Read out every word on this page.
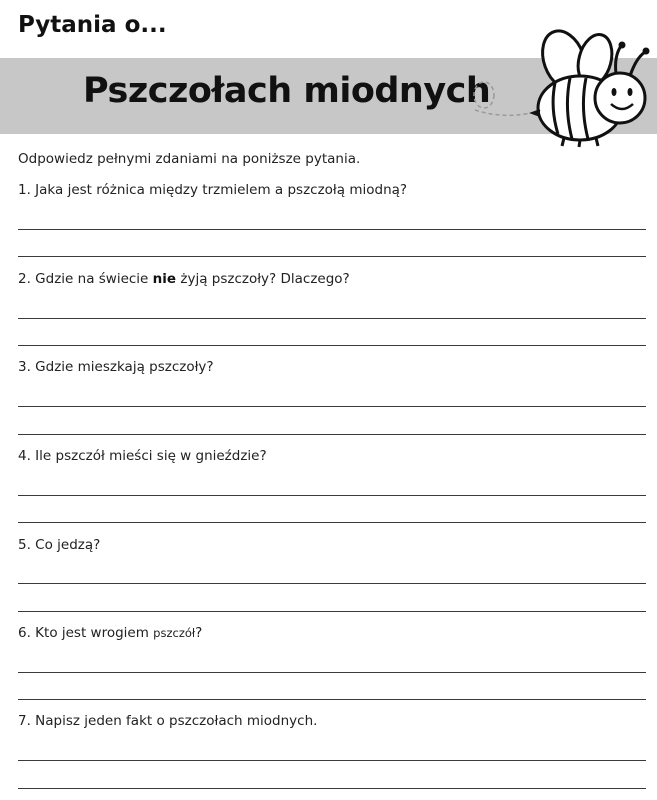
Pytania o...
Pszczołach miodnych
Odpowiedz pełnymi zdaniami na poniższe pytania.
1. Jaka jest różnica między trzmielem a pszczołą miodną?
2. Gdzie na świecie nie żyją pszczoły? Dlaczego?
3. Gdzie mieszkają pszczoły?
4. Ile pszczół mieści się w gnieździe?
5. Co jedzą?
6. Kto jest wrogiem pszczół?
7. Napisz jeden fakt o pszczołach miodnych.
